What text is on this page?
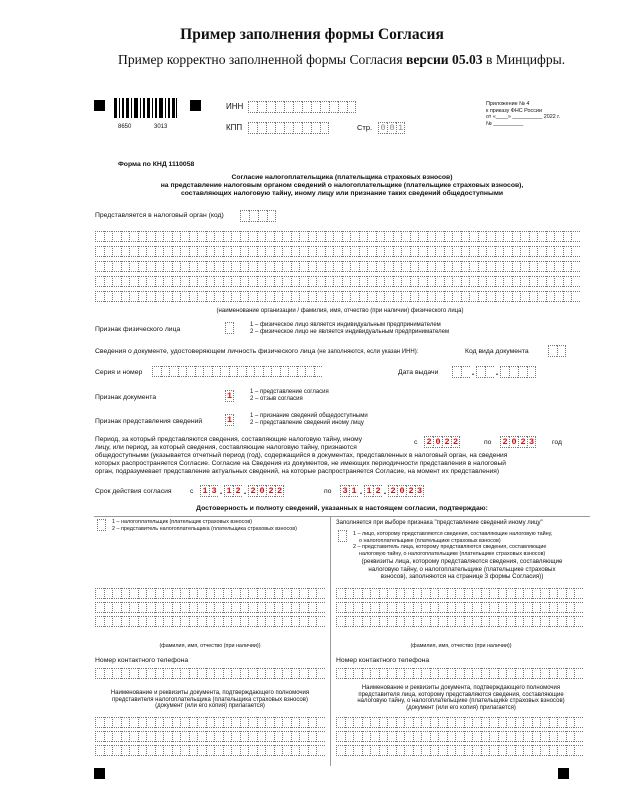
Пример заполнения формы Согласия
Пример корректно заполненной формы Согласия версии 05.03 в Минцифры.
8650	3013
ИНН
КПП	Стр. 0 0 1
Приложение № 4
к приказу ФНС России
от «____» __________ 2022 г.
№ __________
Форма по КНД 1110058
Согласие налогоплательщика (плательщика страховых взносов)
на представление налоговым органом сведений о налогоплательщике (плательщике страховых взносов),
составляющих налоговую тайну, иному лицу или признание таких сведений общедоступными
Представляется в налоговый орган (код)
(наименование организации / фамилия, имя, отчество (при наличии) физического лица)
Признак физического лица
1 – физическое лицо является индивидуальным предпринимателем
2 – физическое лицо не является индивидуальным предпринимателем
Сведения о документе, удостоверяющем личность физического лица (не заполняются, если указан ИНН):	Код вида документа
Серия и номер	Дата выдачи	. .
Признак документа	1	1 – представление согласия
2 – отзыв согласия
Признак представления сведений	1	1 – признание сведений общедоступными
2 – представление сведений иному лицу
Период, за который представляются сведения, составляющие налоговую тайну, иному
лицу, или период, за который сведения, составляющие налоговую тайну, признаются
общедоступными (указывается отчетный период (год), содержащийся в документах, представленных в налоговый орган, на сведения
которых распространяется Согласие. Согласие на Сведения из документов, не имеющих периодичности представления в налоговый
орган, подразумевает представление актуальных сведений, на которые распространяется Согласие, на момент их представления)
с 2 0 2 2	по 2 0 2 3	год
Срок действия согласия	с 1 3 . 1 2 . 2 0 2 2	по 3 1 . 1 2 . 2 0 2 3
Достоверность и полноту сведений, указанных в настоящем согласии, подтверждаю:
1 – налогоплательщик (плательщик страховых взносов)
2 – представитель налогоплательщика (плательщика страховых взносов)
(фамилия, имя, отчество (при наличии))
Номер контактного телефона
Наименование и реквизиты документа, подтверждающего полномочия
представителя налогоплательщика (плательщика страховых взносов)
(документ (или его копия) прилагается)
Заполняется при выборе признака "представление сведений иному лицу"
1 – лицо, которому представляются сведения, составляющие налоговую тайну,
о налогоплательщике (плательщике страховых взносов)
2 – представитель лица, которому представляются сведения, составляющие
налоговую тайну, о налогоплательщике (плательщике страховых взносов)
(реквизиты лица, которому представляются сведения, составляющие
налоговую тайну, о налогоплательщике (плательщике страховых
взносов), заполняются на странице 3 формы Согласия))
(фамилия, имя, отчество (при наличии))
Номер контактного телефона
Наименование и реквизиты документа, подтверждающего полномочия
представителя лица, которому представляются сведения, составляющие
налоговую тайну, о налогоплательщике (плательщике страховых взносов)
(документ (или его копия) прилагается)
